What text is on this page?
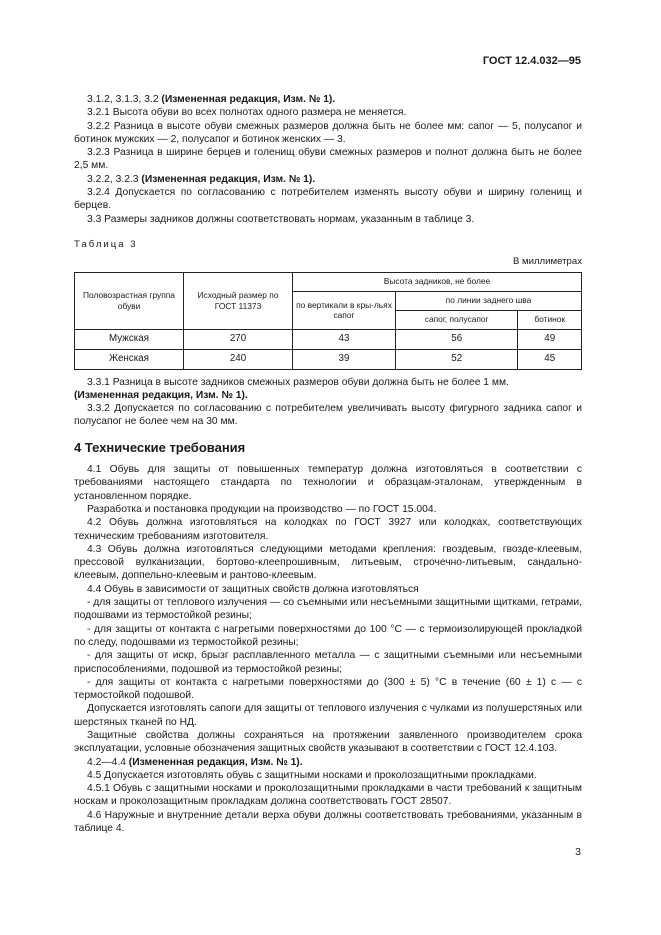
ГОСТ 12.4.032—95

3.1.2, 3.1.3, 3.2 (Измененная редакция, Изм. № 1).

3.2.1 Высота обуви во всех полнотах одного размера не меняется.

3.2.2 Разница в высоте обуви смежных размеров должна быть не более мм: сапог — 5, полусапог и ботинок мужских — 2, полусапог и ботинок женских — 3.

3.2.3 Разница в ширине берцев и голенищ обуви смежных размеров и полнот должна быть не более 2,5 мм.

3.2.2, 3.2.3 (Измененная редакция, Изм. № 1).

3.2.4 Допускается по согласованию с потребителем изменять высоту обуви и ширину голенищ и берцев.

3.3 Размеры задников должны соответствовать нормам, указанным в таблице 3.

Таблица 3

В миллиметрах
Половозрастная группа обуви	Исходный размер по ГОСТ 11373	Высота задников, не более		
		по вертикали в кры-льях сапог	по линии заднего шва	
			сапог, полусапог	ботинок
Мужская	270	43	56	49
Женская	240	39	52	45

3.3.1 Разница в высоте задников смежных размеров обуви должна быть не более 1 мм.

(Измененная редакция, Изм. № 1).

3.3.2 Допускается по согласованию с потребителем увеличивать высоту фигурного задника сапог и полусапог не более чем на 30 мм.

4 Технические требования

4.1 Обувь для защиты от повышенных температур должна изготовляться в соответствии с требованиями настоящего стандарта по технологии и образцам-эталонам, утвержденным в установленном порядке.

Разработка и постановка продукции на производство — по ГОСТ 15.004.

4.2 Обувь должна изготовляться на колодках по ГОСТ 3927 или колодках, соответствующих техническим требованиям изготовителя.

4.3 Обувь должна изготовляться следующими методами крепления: гвоздевым, гвозде-клеевым, прессовой вулканизации, бортово-клеепрошивным, литьевым, строчечно-литьевым, сандально-клеевым, доппельно-клеевым и рантово-клеевым.

4.4 Обувь в зависимости от защитных свойств должна изготовляться

- для защиты от теплового излучения — со съемными или несъемными защитными щитками, гетрами, подошвами из термостойкой резины;

- для защиты от контакта с нагретыми поверхностями до 100 °С — с термоизолирующей прокладкой по следу, подошвами из термостойкой резины;

- для защиты от искр, брызг расплавленного металла — с защитными съемными или несъемными приспособлениями, подошвой из термостойкой резины;

- для защиты от контакта с нагретыми поверхностями до (300 ± 5) °С в течение (60 ± 1) с — с термостойкой подошвой.

Допускается изготовлять сапоги для защиты от теплового излучения с чулками из полушерстяных или шерстяных тканей по НД.

Защитные свойства должны сохраняться на протяжении заявленного производителем срока эксплуатации, условные обозначения защитных свойств указывают в соответствии с ГОСТ 12.4.103.

4.2—4.4 (Измененная редакция, Изм. № 1).

4.5 Допускается изготовлять обувь с защитными носками и проколозащитными прокладками.

4.5.1 Обувь с защитными носками и проколозащитными прокладками в части требований к защитным носкам и проколозащитным прокладкам должна соответствовать ГОСТ 28507.

4.6 Наружные и внутренние детали верха обуви должны соответствовать требованиями, указанным в таблице 4.

3
